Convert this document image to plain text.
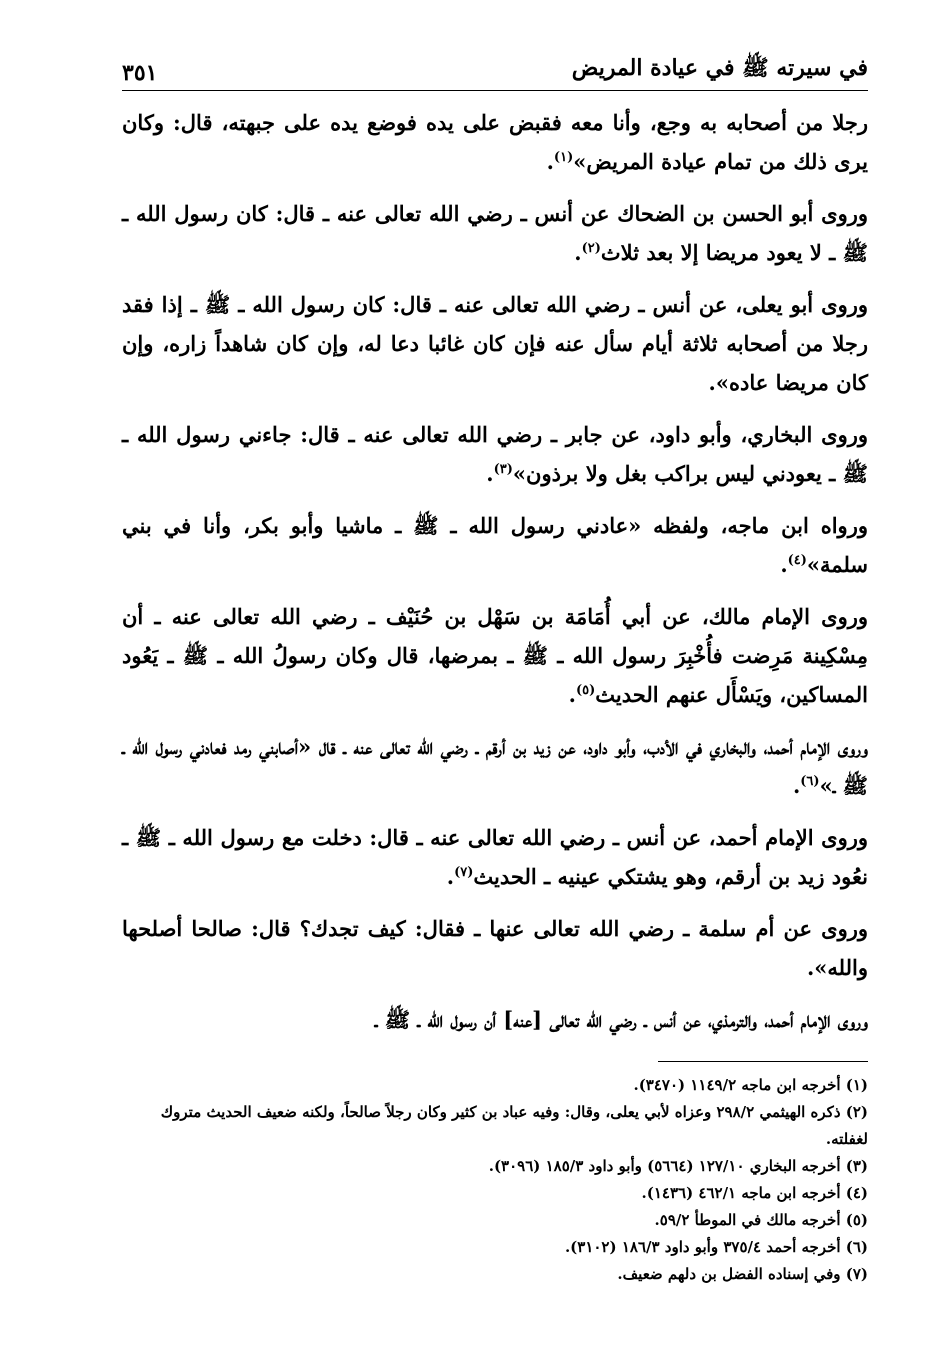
في سيرته ﷺ في عيادة المريض
٣٥١

رجلا من أصحابه به وجع، وأنا معه فقبض على يده فوضع يده على جبهته، قال: وكان يرى ذلك من تمام عيادة المريض»$^{(١)}$.

وروى أبو الحسن بن الضحاك عن أنس ـ رضي الله تعالى عنه ـ قال: كان رسول الله ـ ﷺ ـ لا يعود مريضا إلا بعد ثلاث$^{(٢)}$.

وروى أبو يعلى، عن أنس ـ رضي الله تعالى عنه ـ قال: كان رسول الله ـ ﷺ ـ إذا فقد رجلا من أصحابه ثلاثة أيام سأل عنه فإن كان غائبا دعا له، وإن كان شاهداً زاره، وإن كان مريضا عاده».

وروى البخاري، وأبو داود، عن جابر ـ رضي الله تعالى عنه ـ قال: جاءني رسول الله ـ ﷺ ـ يعودني ليس براكب بغل ولا برذون»$^{(٣)}$.

ورواه ابن ماجه، ولفظه «عادني رسول الله ـ ﷺ ـ ماشيا وأبو بكر، وأنا في بني سلمة»$^{(٤)}$.

وروى الإمام مالك، عن أبي أُمَامَة بن سَهْل بن حُنَيْف ـ رضي الله تعالى عنه ـ أن مِسْكِينة مَرِضت فأُخْبِرَ رسول الله ـ ﷺ ـ بمرضها، قال وكان رسولُ الله ـ ﷺ ـ يَعُود المساكين، ويَسْأَل عنهم الحديث$^{(٥)}$.

وروى الإمام أحمد، والبخاري في الأدب، وأبو داود، عن زيد بن أرقم ـ رضي الله تعالى عنه ـ قال «أصابني رمد فعادني رسول الله ـ ﷺ ـ»$^{(٦)}$.

وروى الإمام أحمد، عن أنس ـ رضي الله تعالى عنه ـ قال: دخلت مع رسول الله ـ ﷺ ـ نعُود زيد بن أرقم، وهو يشتكي عينيه ـ الحديث$^{(٧)}$.

وروى عن أم سلمة ـ رضي الله تعالى عنها ـ فقال: كيف تجدك؟ قال: صالحا أصلحها والله».

وروى الإمام أحمد، والترمذي، عن أنس ـ رضي الله تعالى [عنه] أن رسول الله ـ ﷺ ـ

(١) أخرجه ابن ماجه ١١٤٩/٢ (٣٤٧٠).

(٢) ذكره الهيثمي ٢٩٨/٢ وعزاه لأبي يعلى، وقال: وفيه عباد بن كثير وكان رجلاً صالحاً، ولكنه ضعيف الحديث متروك لغفلته.

(٣) أخرجه البخاري ١٢٧/١٠ (٥٦٦٤) وأبو داود ١٨٥/٣ (٣٠٩٦).

(٤) أخرجه ابن ماجه ٤٦٢/١ (١٤٣٦).

(٥) أخرجه مالك في الموطأ ٥٩/٢.

(٦) أخرجه أحمد ٣٧٥/٤ وأبو داود ١٨٦/٣ (٣١٠٢).

(٧) وفي إسناده الفضل بن دلهم ضعيف.
